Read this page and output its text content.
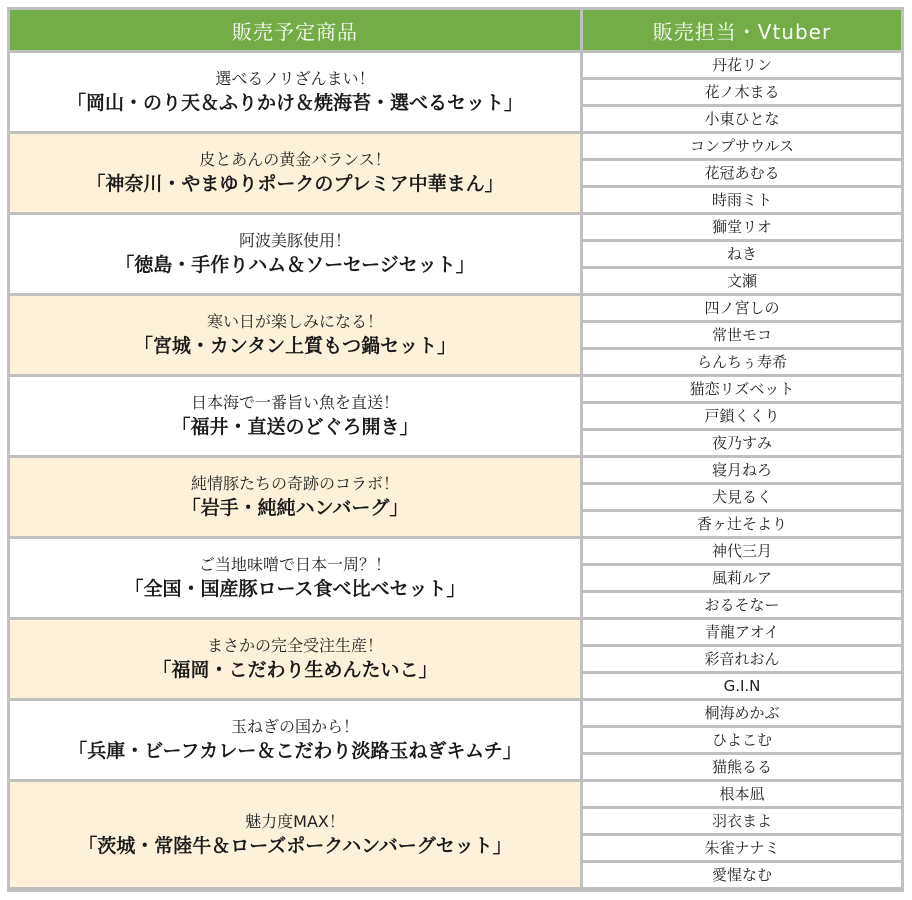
販売予定商品	販売担当・Vtuber

選べるノリざんまい！
「岡山・のり天＆ふりかけ＆焼海苔・選べるセット」	丹花リン
	花ノ木まる
	小東ひとな

皮とあんの黄金バランス！
「神奈川・やまゆりポークのプレミア中華まん」	コンプサウルス
	花冠あむる
	時雨ミト

阿波美豚使用！
「徳島・手作りハム＆ソーセージセット」	獅堂リオ
	ねき
	文瀬

寒い日が楽しみになる！
「宮城・カンタン上質もつ鍋セット」	四ノ宮しの
	常世モコ
	らんちぅ寿希

日本海で一番旨い魚を直送！
「福井・直送のどぐろ開き」	猫恋リズベット
	戸鎖くくり
	夜乃すみ

純情豚たちの奇跡のコラボ！
「岩手・純純ハンバーグ」	寝月ねろ
	犬見るく
	香ヶ辻そより

ご当地味噌で日本一周？！
「全国・国産豚ロース食べ比べセット」	神代三月
	風莉ルア
	おるそなー

まさかの完全受注生産！
「福岡・こだわり生めんたいこ」	青龍アオイ
	彩音れおん
	G.I.N

玉ねぎの国から！
「兵庫・ビーフカレー＆こだわり淡路玉ねぎキムチ」	桐海めかぶ
	ひよこむ
	猫熊るる

魅力度MAX！
「茨城・常陸牛＆ローズポークハンバーグセット」	根本凪
	羽衣まよ
	朱雀ナナミ
	愛惺なむ
